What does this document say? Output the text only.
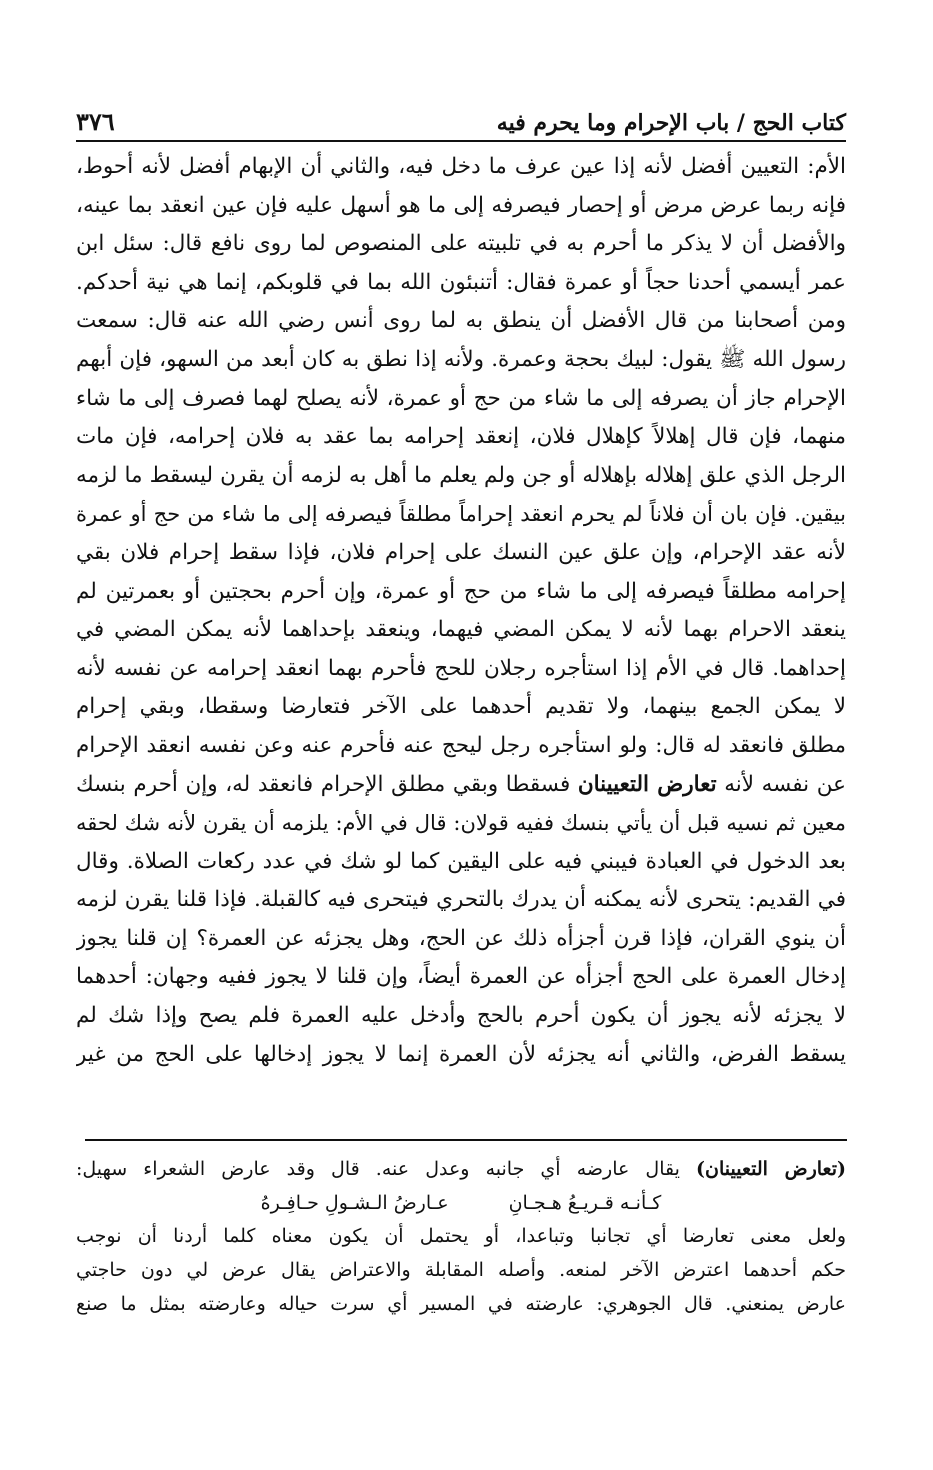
كتاب الحج / باب الإحرام وما يحرم فيه
٣٧٦
الأم: التعيين أفضل لأنه إذا عين عرف ما دخل فيه، والثاني أن الإبهام أفضل لأنه أحوط،
فإنه ربما عرض مرض أو إحصار فيصرفه إلى ما هو أسهل عليه فإن عين انعقد بما عينه،
والأفضل أن لا يذكر ما أحرم به في تلبيته على المنصوص لما روى نافع قال: سئل ابن
عمر أيسمي أحدنا حجاً أو عمرة فقال: أتنبئون الله بما في قلوبكم، إنما هي نية أحدكم.
ومن أصحابنا من قال الأفضل أن ينطق به لما روى أنس رضي الله عنه قال: سمعت
رسول الله ﷺ يقول: لبيك بحجة وعمرة. ولأنه إذا نطق به كان أبعد من السهو، فإن أبهم
الإحرام جاز أن يصرفه إلى ما شاء من حج أو عمرة، لأنه يصلح لهما فصرف إلى ما شاء
منهما، فإن قال إهلالاً كإهلال فلان، إنعقد إحرامه بما عقد به فلان إحرامه، فإن مات
الرجل الذي علق إهلاله بإهلاله أو جن ولم يعلم ما أهل به لزمه أن يقرن ليسقط ما لزمه
بيقين. فإن بان أن فلاناً لم يحرم انعقد إحراماً مطلقاً فيصرفه إلى ما شاء من حج أو عمرة
لأنه عقد الإحرام، وإن علق عين النسك على إحرام فلان، فإذا سقط إحرام فلان بقي
إحرامه مطلقاً فيصرفه إلى ما شاء من حج أو عمرة، وإن أحرم بحجتين أو بعمرتين لم
ينعقد الاحرام بهما لأنه لا يمكن المضي فيهما، وينعقد بإحداهما لأنه يمكن المضي في
إحداهما. قال في الأم إذا استأجره رجلان للحج فأحرم بهما انعقد إحرامه عن نفسه لأنه
لا يمكن الجمع بينهما، ولا تقديم أحدهما على الآخر فتعارضا وسقطا، وبقي إحرام
مطلق فانعقد له قال: ولو استأجره رجل ليحج عنه فأحرم عنه وعن نفسه انعقد الإحرام
عن نفسه لأنه تعارض التعيينان فسقطا وبقي مطلق الإحرام فانعقد له، وإن أحرم بنسك
معين ثم نسيه قبل أن يأتي بنسك ففيه قولان: قال في الأم: يلزمه أن يقرن لأنه شك لحقه
بعد الدخول في العبادة فيبني فيه على اليقين كما لو شك في عدد ركعات الصلاة. وقال
في القديم: يتحرى لأنه يمكنه أن يدرك بالتحري فيتحرى فيه كالقبلة. فإذا قلنا يقرن لزمه
أن ينوي القران، فإذا قرن أجزأه ذلك عن الحج، وهل يجزئه عن العمرة؟ إن قلنا يجوز
إدخال العمرة على الحج أجزأه عن العمرة أيضاً، وإن قلنا لا يجوز ففيه وجهان: أحدهما
لا يجزئه لأنه يجوز أن يكون أحرم بالحج وأدخل عليه العمرة فلم يصح وإذا شك لم
يسقط الفرض، والثاني أنه يجزئه لأن العمرة إنما لا يجوز إدخالها على الحج من غير
(تعارض التعيينان) يقال عارضه أي جانبه وعدل عنه. قال وقد عارض الشعراء سهيل:
كـأنـه قـريـعُ هـجـانِ
عـارضُ الـشـولِ حـافِـرهُ
ولعل معنى تعارضا أي تجانبا وتباعدا، أو يحتمل أن يكون معناه كلما أردنا أن نوجب
حكم أحدهما اعترض الآخر لمنعه. وأصله المقابلة والاعتراض يقال عرض لي دون حاجتي
عارض يمنعني. قال الجوهري: عارضته في المسير أي سرت حياله وعارضته بمثل ما صنع
